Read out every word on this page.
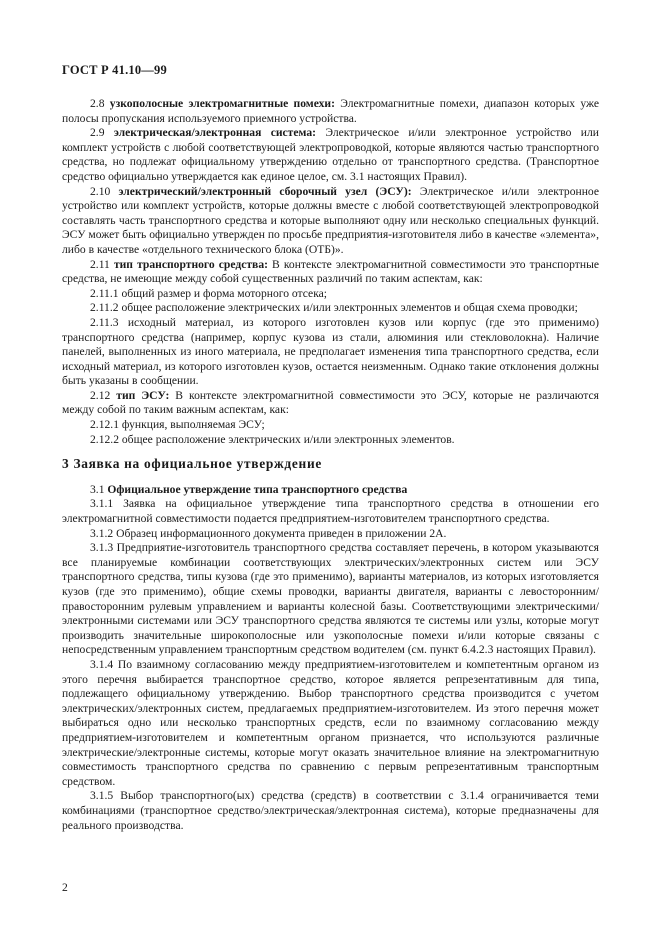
ГОСТ Р 41.10—99

2.8 узкополосные электромагнитные помехи: Электромагнитные помехи, диапазон которых уже полосы пропускания используемого приемного устройства.

2.9 электрическая/электронная система: Электрическое и/или электронное устройство или комплект устройств с любой соответствующей электропроводкой, которые являются частью транспортного средства, но подлежат официальному утверждению отдельно от транспортного средства. (Транспортное средство официально утверждается как единое целое, см. 3.1 настоящих Правил).

2.10 электрический/электронный сборочный узел (ЭСУ): Электрическое и/или электронное устройство или комплект устройств, которые должны вместе с любой соответствующей электропроводкой составлять часть транспортного средства и которые выполняют одну или несколько специальных функций. ЭСУ может быть официально утвержден по просьбе предприятия-изготовителя либо в качестве «элемента», либо в качестве «отдельного технического блока (ОТБ)».

2.11 тип транспортного средства: В контексте электромагнитной совместимости это транспортные средства, не имеющие между собой существенных различий по таким аспектам, как:

2.11.1 общий размер и форма моторного отсека;

2.11.2 общее расположение электрических и/или электронных элементов и общая схема проводки;

2.11.3 исходный материал, из которого изготовлен кузов или корпус (где это применимо) транспортного средства (например, корпус кузова из стали, алюминия или стекловолокна). Наличие панелей, выполненных из иного материала, не предполагает изменения типа транспортного средства, если исходный материал, из которого изготовлен кузов, остается неизменным. Однако такие отклонения должны быть указаны в сообщении.

2.12 тип ЭСУ: В контексте электромагнитной совместимости это ЭСУ, которые не различаются между собой по таким важным аспектам, как:

2.12.1 функция, выполняемая ЭСУ;

2.12.2 общее расположение электрических и/или электронных элементов.

3 Заявка на официальное утверждение

3.1 Официальное утверждение типа транспортного средства

3.1.1 Заявка на официальное утверждение типа транспортного средства в отношении его электромагнитной совместимости подается предприятием-изготовителем транспортного средства.

3.1.2 Образец информационного документа приведен в приложении 2А.

3.1.3 Предприятие-изготовитель транспортного средства составляет перечень, в котором указываются все планируемые комбинации соответствующих электрических/электронных систем или ЭСУ транспортного средства, типы кузова (где это применимо), варианты материалов, из которых изготовляется кузов (где это применимо), общие схемы проводки, варианты двигателя, варианты с левосторонним/правосторонним рулевым управлением и варианты колесной базы. Соответствующими электрическими/электронными системами или ЭСУ транспортного средства являются те системы или узлы, которые могут производить значительные широкополосные или узкополосные помехи и/или которые связаны с непосредственным управлением транспортным средством водителем (см. пункт 6.4.2.3 настоящих Правил).

3.1.4 По взаимному согласованию между предприятием-изготовителем и компетентным органом из этого перечня выбирается транспортное средство, которое является репрезентативным для типа, подлежащего официальному утверждению. Выбор транспортного средства производится с учетом электрических/электронных систем, предлагаемых предприятием-изготовителем. Из этого перечня может выбираться одно или несколько транспортных средств, если по взаимному согласованию между предприятием-изготовителем и компетентным органом признается, что используются различные электрические/электронные системы, которые могут оказать значительное влияние на электромагнитную совместимость транспортного средства по сравнению с первым репрезентативным транспортным средством.

3.1.5 Выбор транспортного(ых) средства (средств) в соответствии с 3.1.4 ограничивается теми комбинациями (транспортное средство/электрическая/электронная система), которые предназначены для реального производства.

2
